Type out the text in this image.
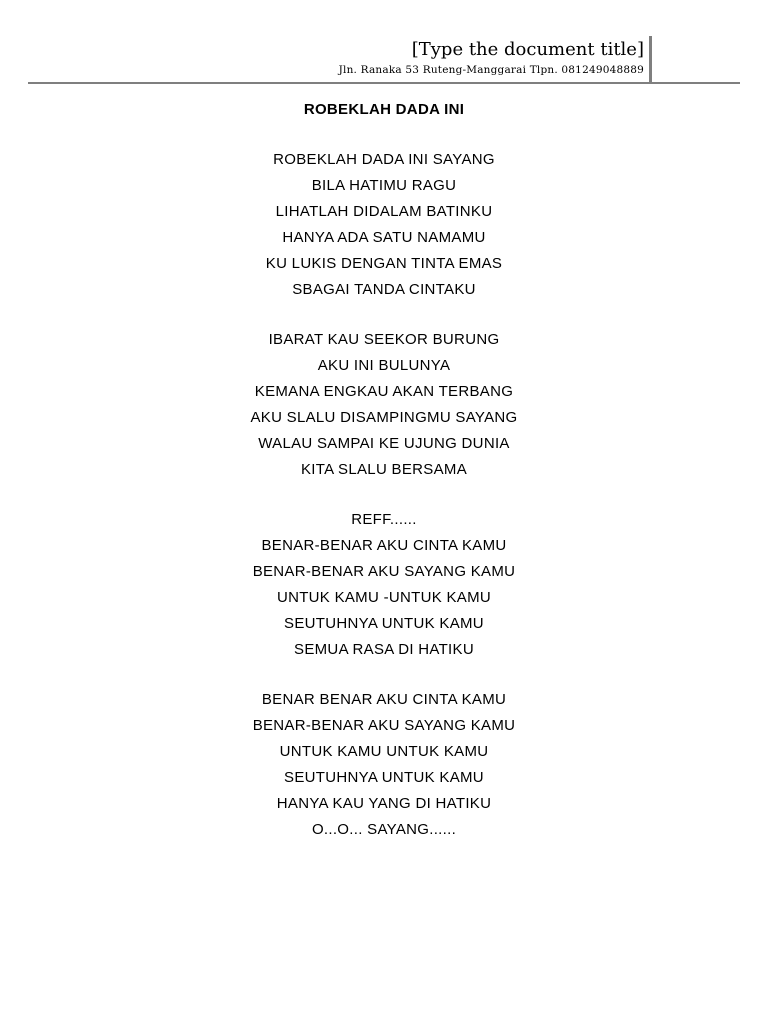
[Type the document title]
Jln. Ranaka 53 Ruteng-Manggarai Tlpn. 081249048889
ROBEKLAH DADA INI
ROBEKLAH DADA INI SAYANG
BILA HATIMU RAGU
LIHATLAH DIDALAM BATINKU
HANYA ADA SATU NAMAMU
KU LUKIS DENGAN TINTA EMAS
SBAGAI TANDA CINTAKU
IBARAT KAU SEEKOR BURUNG
AKU INI BULUNYA
KEMANA ENGKAU AKAN TERBANG
AKU SLALU DISAMPINGMU SAYANG
WALAU SAMPAI KE UJUNG DUNIA
KITA SLALU BERSAMA
REFF......
BENAR-BENAR AKU CINTA KAMU
BENAR-BENAR AKU SAYANG KAMU
UNTUK KAMU -UNTUK KAMU
SEUTUHNYA UNTUK KAMU
SEMUA RASA DI HATIKU
BENAR BENAR AKU CINTA KAMU
BENAR-BENAR AKU SAYANG KAMU
UNTUK KAMU UNTUK KAMU
SEUTUHNYA UNTUK KAMU
HANYA KAU YANG DI HATIKU
O...O... SAYANG......
